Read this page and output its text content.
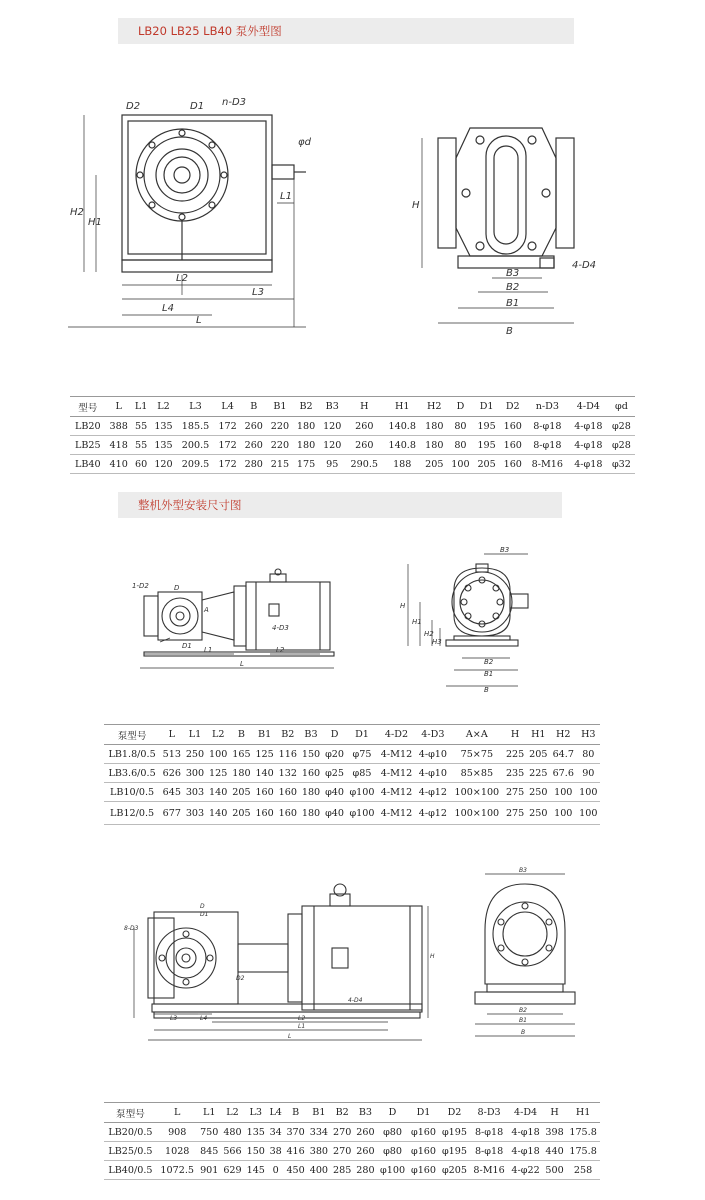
LB20 LB25 LB40 泵外型图
D2	D1 n-D3
φd
H2
H1
L1
L2
L3
L4
L
H
B3
B2
B1
B
4-D4
型号	L	L1	L2	L3	L4	B	B1	B2	B3	H	H1	H2	D	D1	D2	n-D3	4-D4	φd
LB20	388	55	135	185.5	172	260	220	180	120	260	140.8	180	80	195	160	8-φ18	4-φ18	φ28
LB25	418	55	135	200.5	172	260	220	180	120	260	140.8	180	80	195	160	8-φ18	4-φ18	φ28
LB40	410	60	120	209.5	172	280	215	175	95	290.5	188	205	100	205	160	8-M16	4-φ18	φ32
整机外型安装尺寸图
1-D2	D
D1 L1	L2
L
4-D3
A
B3
H
H1
H2
H3
B2
B1
B
泵型号	L	L1	L2	B	B1	B2	B3	D	D1	4-D2	4-D3	A×A	H	H1	H2	H3
LB1.8/0.5	513	250	100	165	125	116	150	φ20	φ75	4-M12	4-φ10	75×75	225	205	64.7	80
LB3.6/0.5	626	300	125	180	140	132	160	φ25	φ85	4-M12	4-φ10	85×85	235	225	67.6	90
LB10/0.5	645	303	140	205	160	160	180	φ40	φ100	4-M12	4-φ12	100×100	275	250	100	100
LB12/0.5	677	303	140	205	160	160	180	φ40	φ100	4-M12	4-φ12	100×100	275	250	100	100
8-D3
D
D1
D2
L3	L4	L2
L1
L
4-D4
H
B3
B2
B1
B
泵型号	L	L1	L2	L3	L4	B	B1	B2	B3	D	D1	D2	8-D3	4-D4	H	H1
LB20/0.5	908	750	480	135	34	370	334	270	260	φ80	φ160	φ195	8-φ18	4-φ18	398	175.8
LB25/0.5	1028	845	566	150	38	416	380	270	260	φ80	φ160	φ195	8-φ18	4-φ18	440	175.8
LB40/0.5	1072.5	901	629	145	0	450	400	285	280	φ100	φ160	φ205	8-M16	4-φ22	500	258
